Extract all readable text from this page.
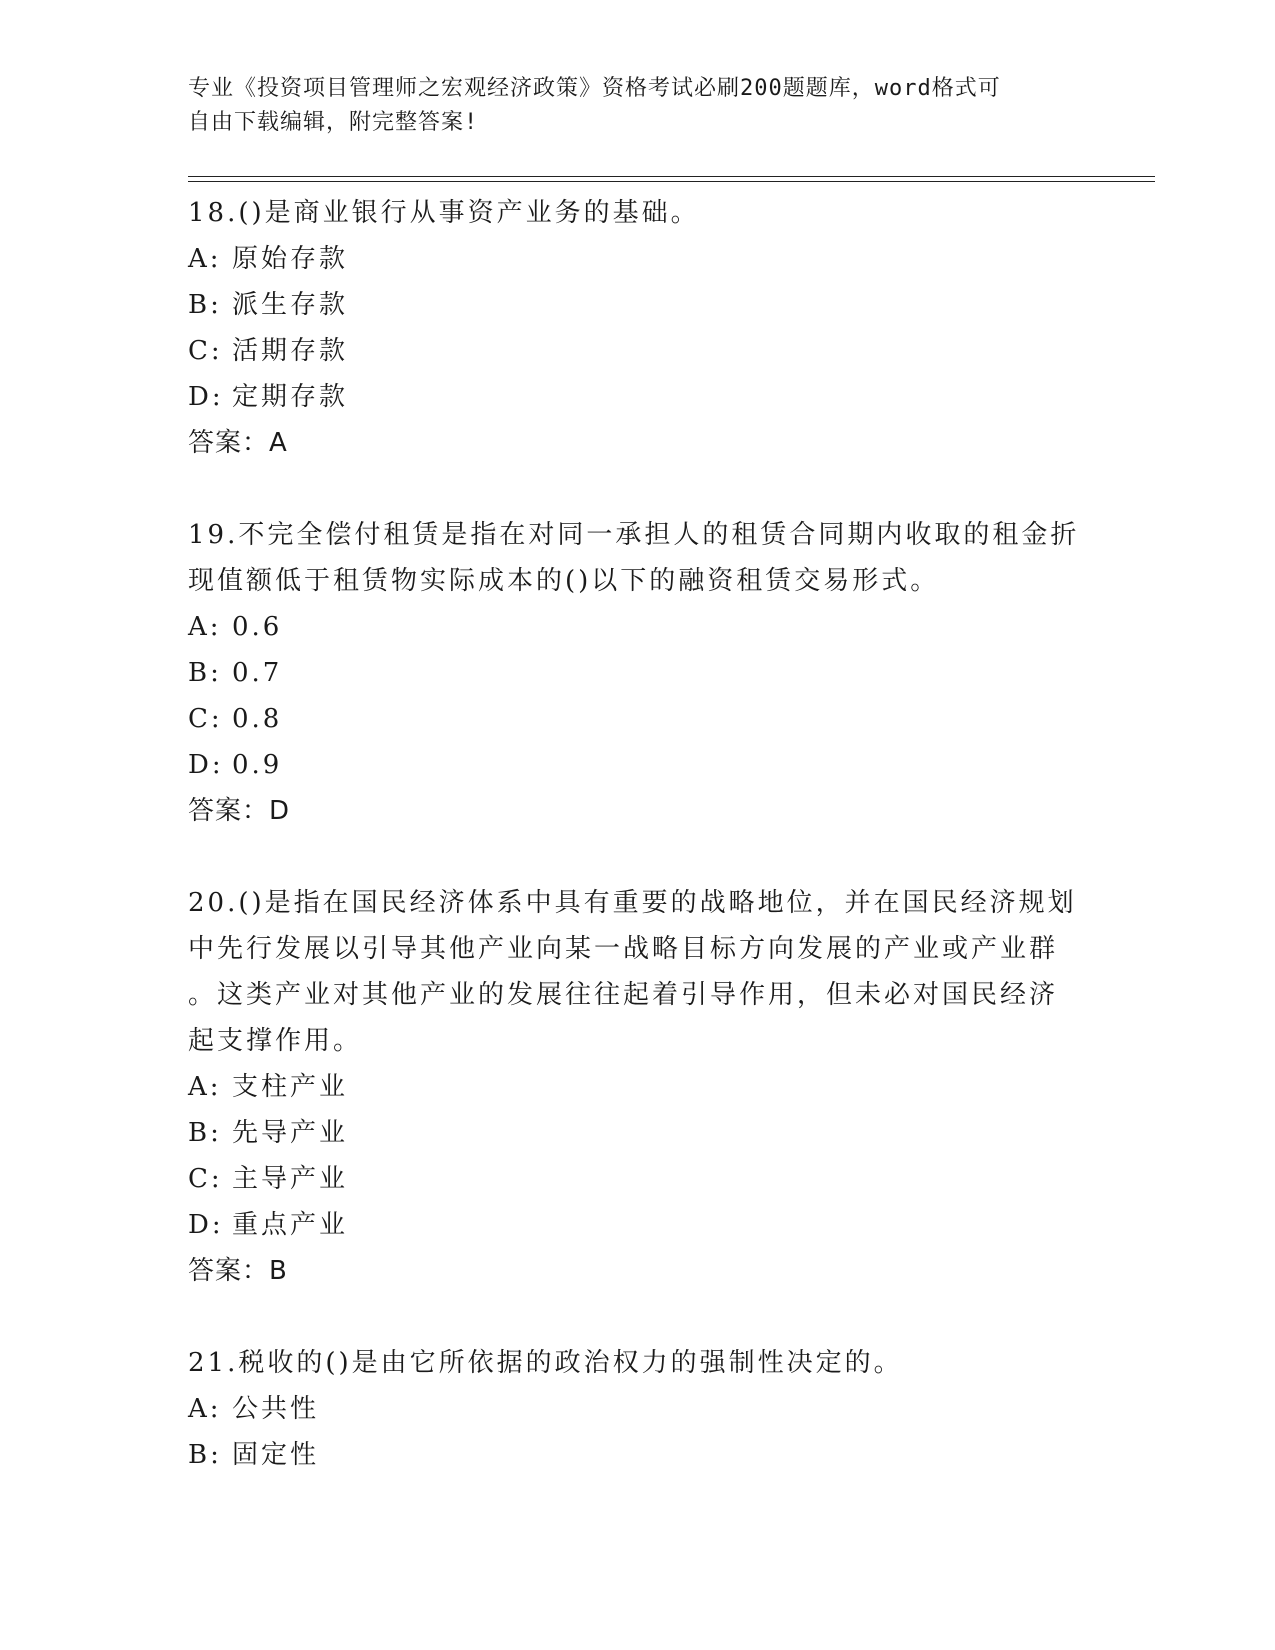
专业《投资项目管理师之宏观经济政策》资格考试必刷200题题库，word格式可
自由下载编辑，附完整答案!

18.()是商业银行从事资产业务的基础。

A: 原始存款

B: 派生存款

C: 活期存款

D: 定期存款

答案：A

19.不完全偿付租赁是指在对同一承担人的租赁合同期内收取的租金折

现值额低于租赁物实际成本的()以下的融资租赁交易形式。

A: 0.6

B: 0.7

C: 0.8

D: 0.9

答案：D

20.()是指在国民经济体系中具有重要的战略地位，并在国民经济规划

中先行发展以引导其他产业向某一战略目标方向发展的产业或产业群

。这类产业对其他产业的发展往往起着引导作用，但未必对国民经济

起支撑作用。

A: 支柱产业

B: 先导产业

C: 主导产业

D: 重点产业

答案：B

21.税收的()是由它所依据的政治权力的强制性决定的。

A: 公共性

B: 固定性
